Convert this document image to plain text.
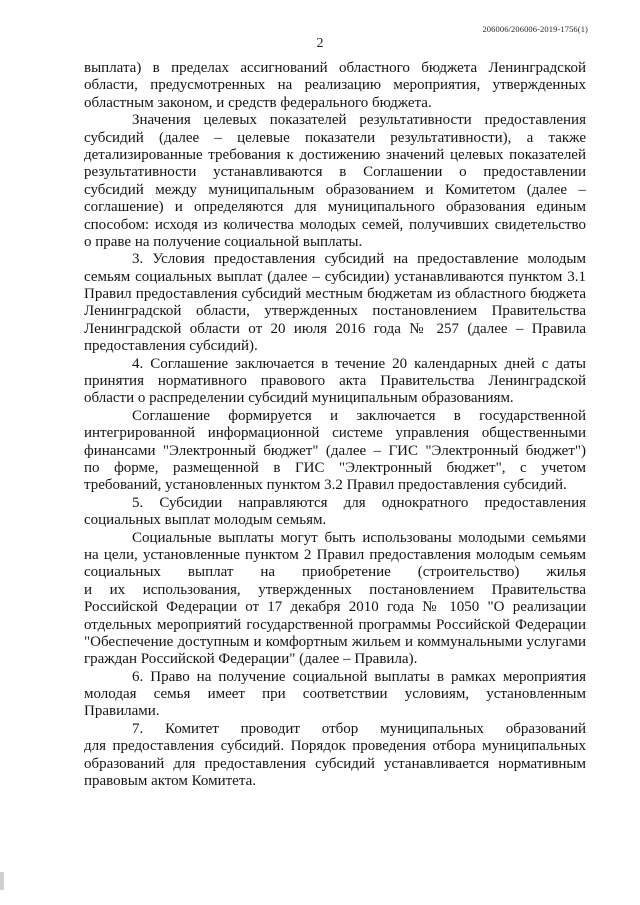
206006/206006-2019-1756(1)
2
выплата) в пределах ассигнований областного бюджета Ленинградской
области, предусмотренных на реализацию мероприятия, утвержденных
областным законом, и средств федерального бюджета.
Значения целевых показателей результативности предоставления
субсидий (далее – целевые показатели результативности), а также
детализированные требования к достижению значений целевых показателей
результативности устанавливаются в Соглашении о предоставлении
субсидий между муниципальным образованием и Комитетом (далее –
соглашение) и определяются для муниципального образования единым
способом: исходя из количества молодых семей, получивших свидетельство
о праве на получение социальной выплаты.
3. Условия предоставления субсидий на предоставление молодым
семьям социальных выплат (далее – субсидии) устанавливаются пунктом 3.1
Правил предоставления субсидий местным бюджетам из областного бюджета
Ленинградской области, утвержденных постановлением Правительства
Ленинградской области от 20 июля 2016 года № 257 (далее – Правила
предоставления субсидий).
4. Соглашение заключается в течение 20 календарных дней с даты
принятия нормативного правового акта Правительства Ленинградской
области о распределении субсидий муниципальным образованиям.
Соглашение формируется и заключается в государственной
интегрированной информационной системе управления общественными
финансами "Электронный бюджет" (далее – ГИС "Электронный бюджет")
по форме, размещенной в ГИС "Электронный бюджет", с учетом
требований, установленных пунктом 3.2 Правил предоставления субсидий.
5. Субсидии направляются для однократного предоставления
социальных выплат молодым семьям.
Социальные выплаты могут быть использованы молодыми семьями
на цели, установленные пунктом 2 Правил предоставления молодым семьям
социальных выплат на приобретение (строительство) жилья
и их использования, утвержденных постановлением Правительства
Российской Федерации от 17 декабря 2010 года № 1050 "О реализации
отдельных мероприятий государственной программы Российской Федерации
"Обеспечение доступным и комфортным жильем и коммунальными услугами
граждан Российской Федерации" (далее – Правила).
6. Право на получение социальной выплаты в рамках мероприятия
молодая семья имеет при соответствии условиям, установленным
Правилами.
7. Комитет проводит отбор муниципальных образований
для предоставления субсидий. Порядок проведения отбора муниципальных
образований для предоставления субсидий устанавливается нормативным
правовым актом Комитета.
